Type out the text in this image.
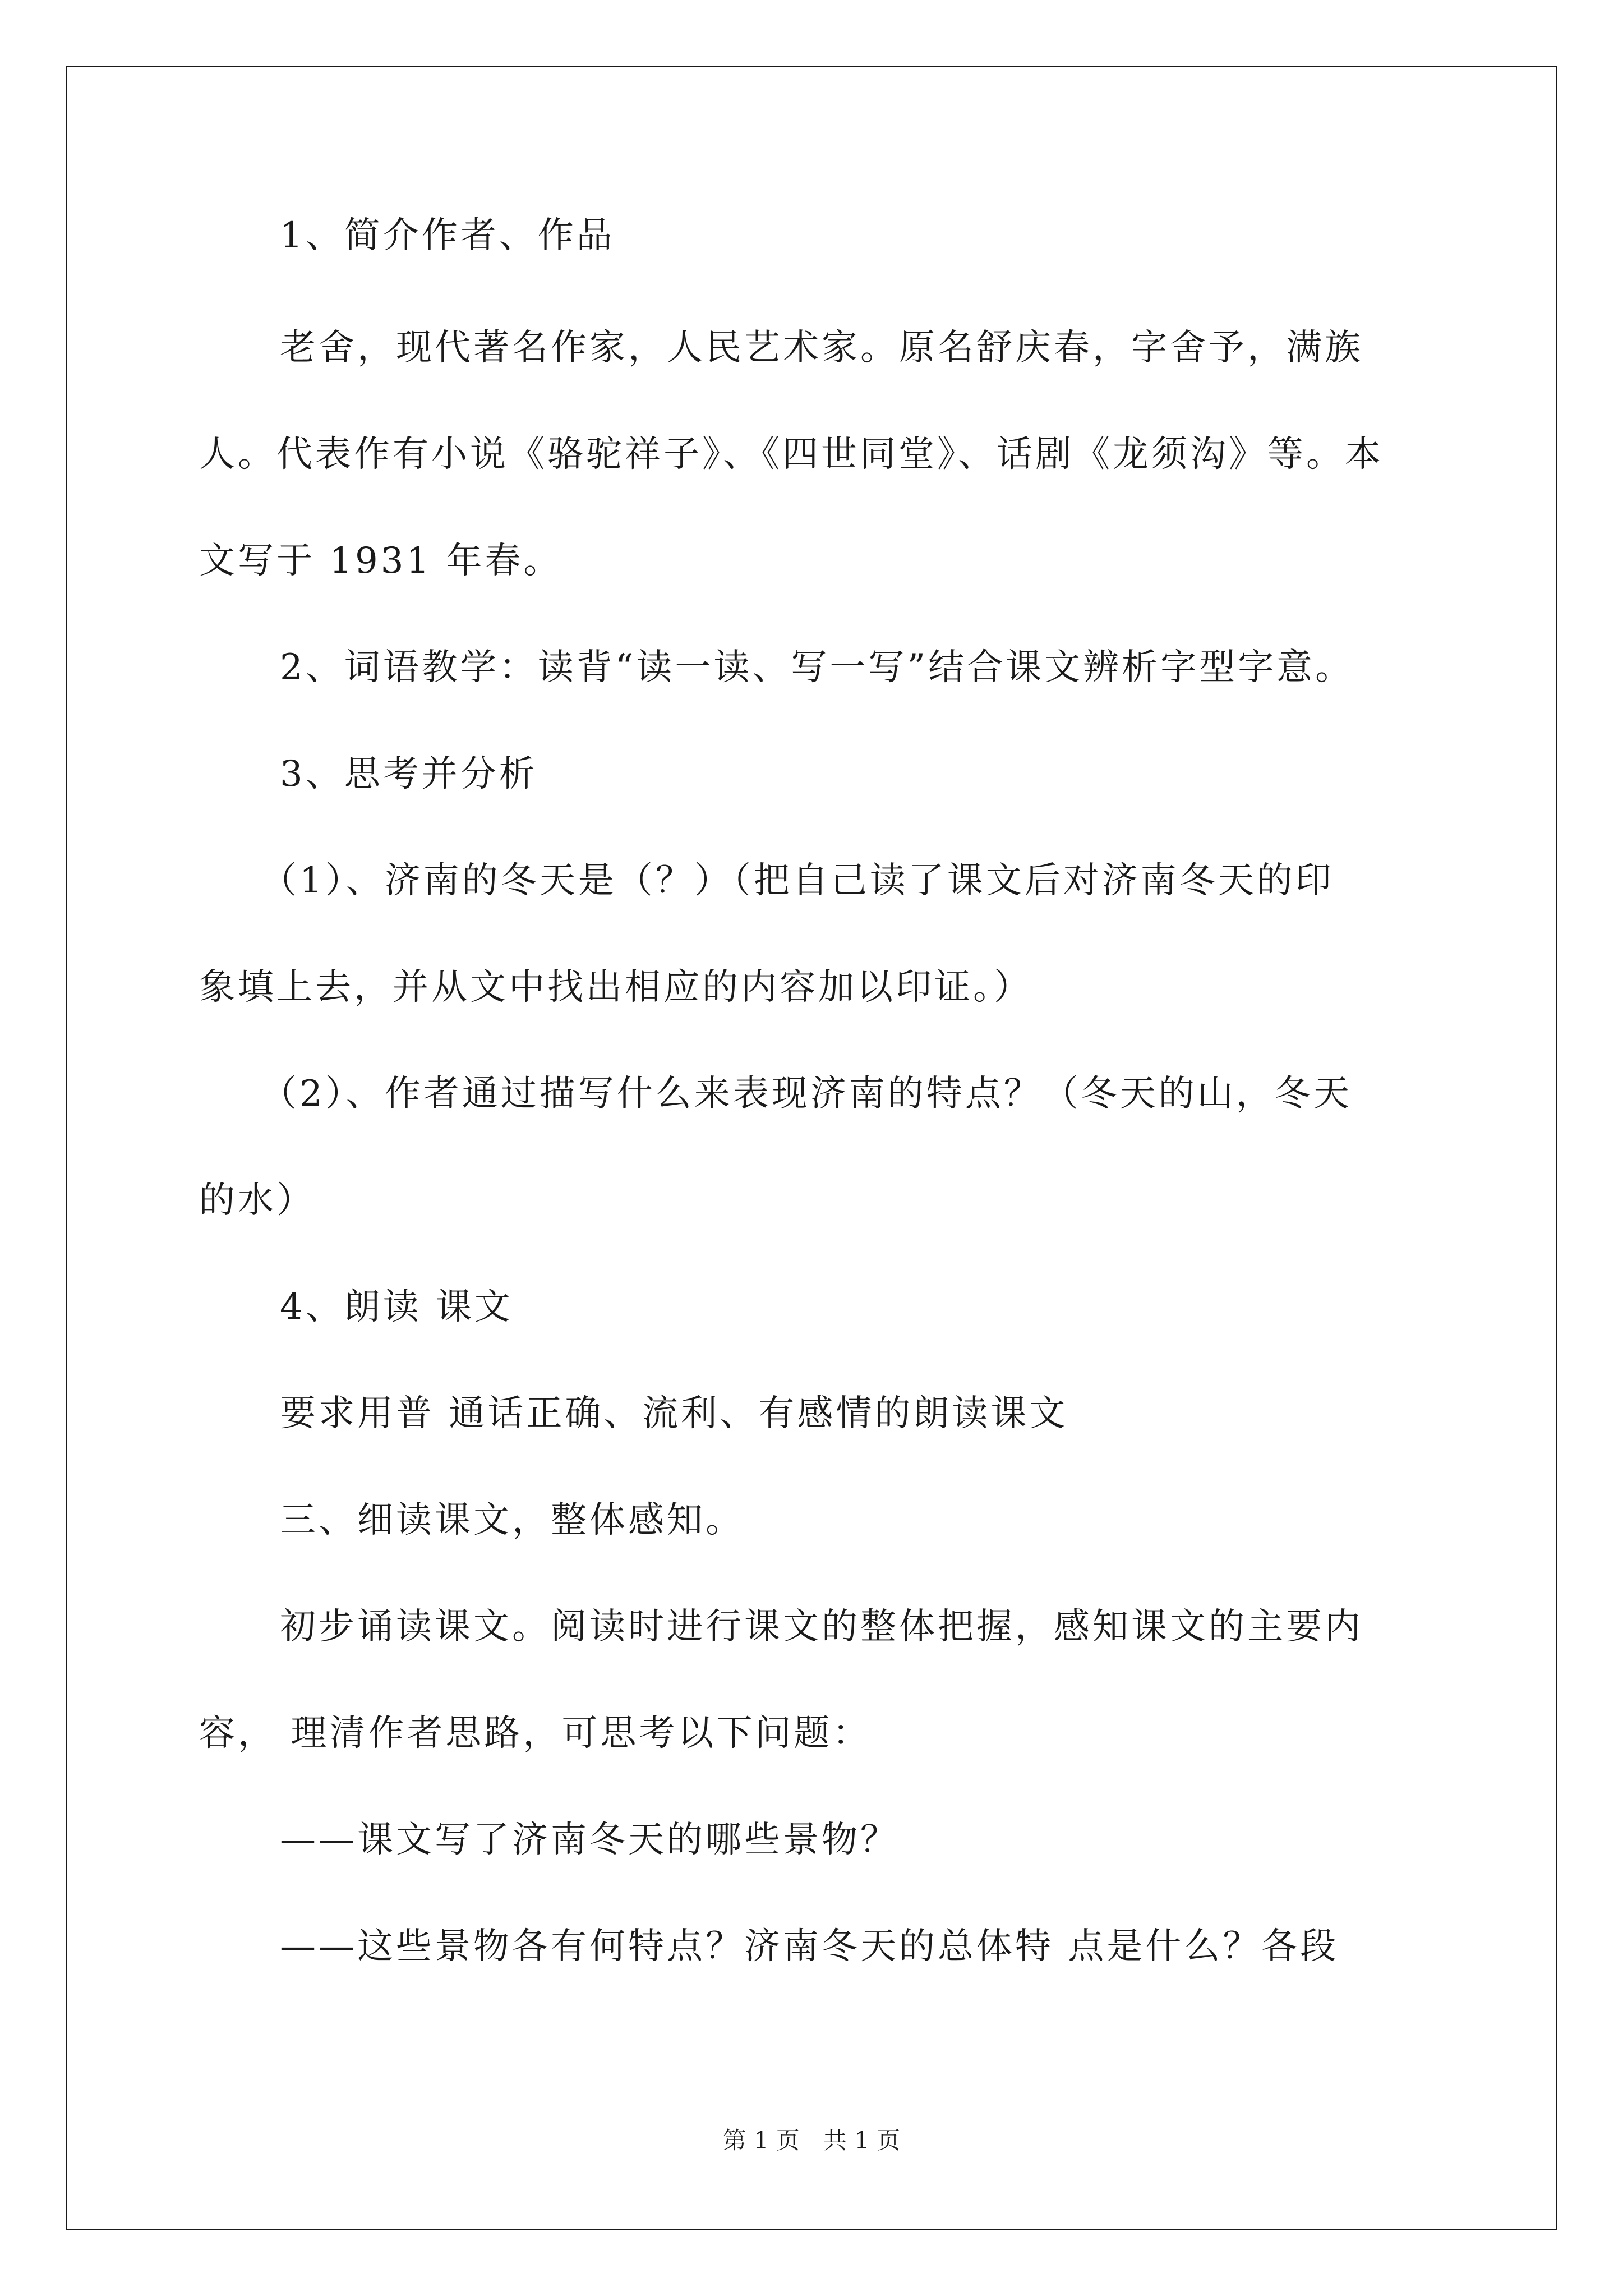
1、简介作者、作品
老舍，现代著名作家，人民艺术家。原名舒庆春，字舍予，满族
人。代表作有小说《骆驼祥子》、《四世同堂》、话剧《龙须沟》等。本
文写于 1931 年春。
2、词语教学：读背“读一读、写一写”结合课文辨析字型字意。
3、思考并分析
（1）、济南的冬天是（？）（把自己读了课文后对济南冬天的印
象填上去，并从文中找出相应的内容加以印证。）
（2）、作者通过描写什么来表现济南的特点？（冬天的山，冬天
的水）
4、朗读 课文
要求用普 通话正确、流利、有感情的朗读课文
三、细读课文，整体感知。
初步诵读课文。阅读时进行课文的整体把握，感知课文的主要内
容， 理清作者思路，可思考以下问题：
——课文写了济南冬天的哪些景物？
——这些景物各有何特点？济南冬天的总体特 点是什么？各段
第 1 页　共 1 页
